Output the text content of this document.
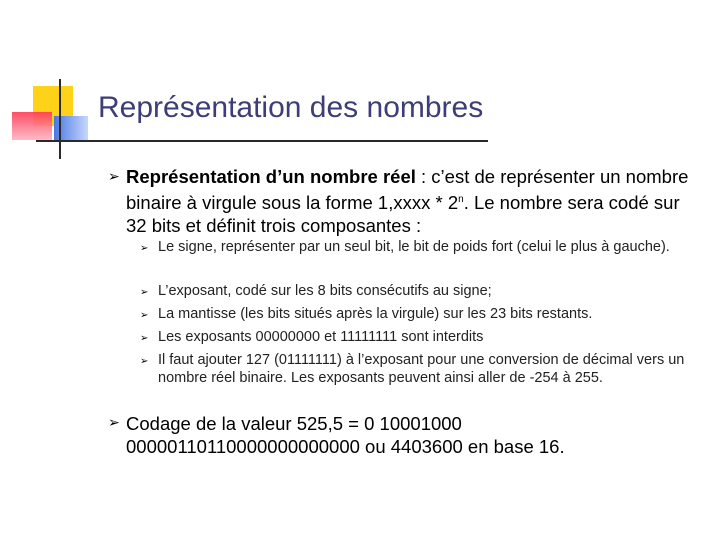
Représentation des nombres
➢ Représentation d’un nombre réel : c’est de représenter un nombre binaire à virgule sous la forme 1,xxxx * 2$^n$. Le nombre sera codé sur 32 bits et définit trois composantes :
➢ Le signe, représenter par un seul bit, le bit de poids fort (celui le plus à gauche).
➢ L’exposant, codé sur les 8 bits consécutifs au signe;
➢ La mantisse (les bits situés après la virgule) sur les 23 bits restants.
➢ Les exposants 00000000 et 11111111 sont interdits
➢ Il faut ajouter 127 (01111111) à l’exposant pour une conversion de décimal vers un nombre réel binaire. Les exposants peuvent ainsi aller de -254 à 255.
➢ Codage de la valeur 525,5 = 0 10001000 00000110110000000000000 ou 4403600 en base 16.
